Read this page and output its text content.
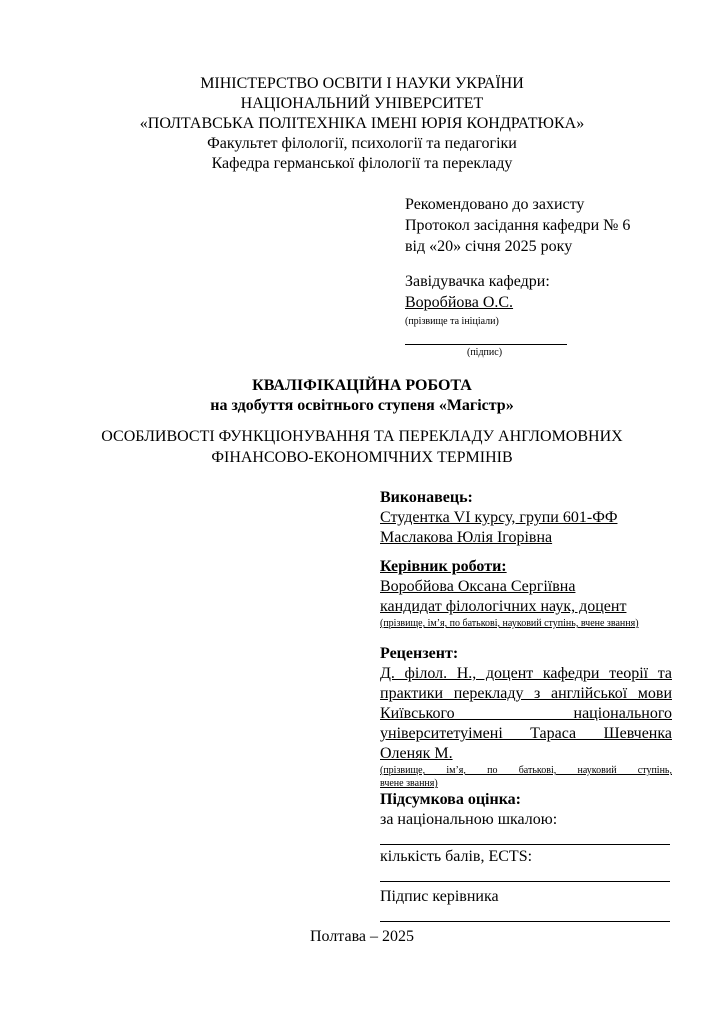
МІНІСТЕРСТВО ОСВІТИ І НАУКИ УКРАЇНИ
НАЦІОНАЛЬНИЙ УНІВЕРСИТЕТ
«ПОЛТАВСЬКА ПОЛІТЕХНІКА ІМЕНІ ЮРІЯ КОНДРАТЮКА»
Факультет філології, психології та педагогіки
Кафедра германської філології та перекладу
Рекомендовано до захисту
Протокол засідання кафедри № 6
від «20» січня 2025 року
Завідувачка кафедри:
Воробйова О.С.
(прізвище та ініціали)
(підпис)
КВАЛІФІКАЦІЙНА РОБОТА
на здобуття освітнього ступеня «Магістр»
ОСОБЛИВОСТІ ФУНКЦІОНУВАННЯ ТА ПЕРЕКЛАДУ АНГЛОМОВНИХ
ФІНАНСОВО-ЕКОНОМІЧНИХ ТЕРМІНІВ
Виконавець:
Студентка VI курсу, групи 601-ФФ
Маслакова Юлія Ігорівна
Керівник роботи:
Воробйова Оксана Сергіївна
кандидат філологічних наук, доцент
(прізвище, ім’я, по батькові, науковий ступінь, вчене звання)
Рецензент:
Д. філол. Н., доцент кафедри теорії та
практики перекладу з англійської мови
Київського національного
університетуімені Тараса Шевченка
Оленяк М.
(прізвище, ім’я, по батькові, науковий ступінь,
вчене звання)
Підсумкова оцінка:
за національною шкалою:
кількість балів, ECTS:
Підпис керівника
Полтава – 2025
